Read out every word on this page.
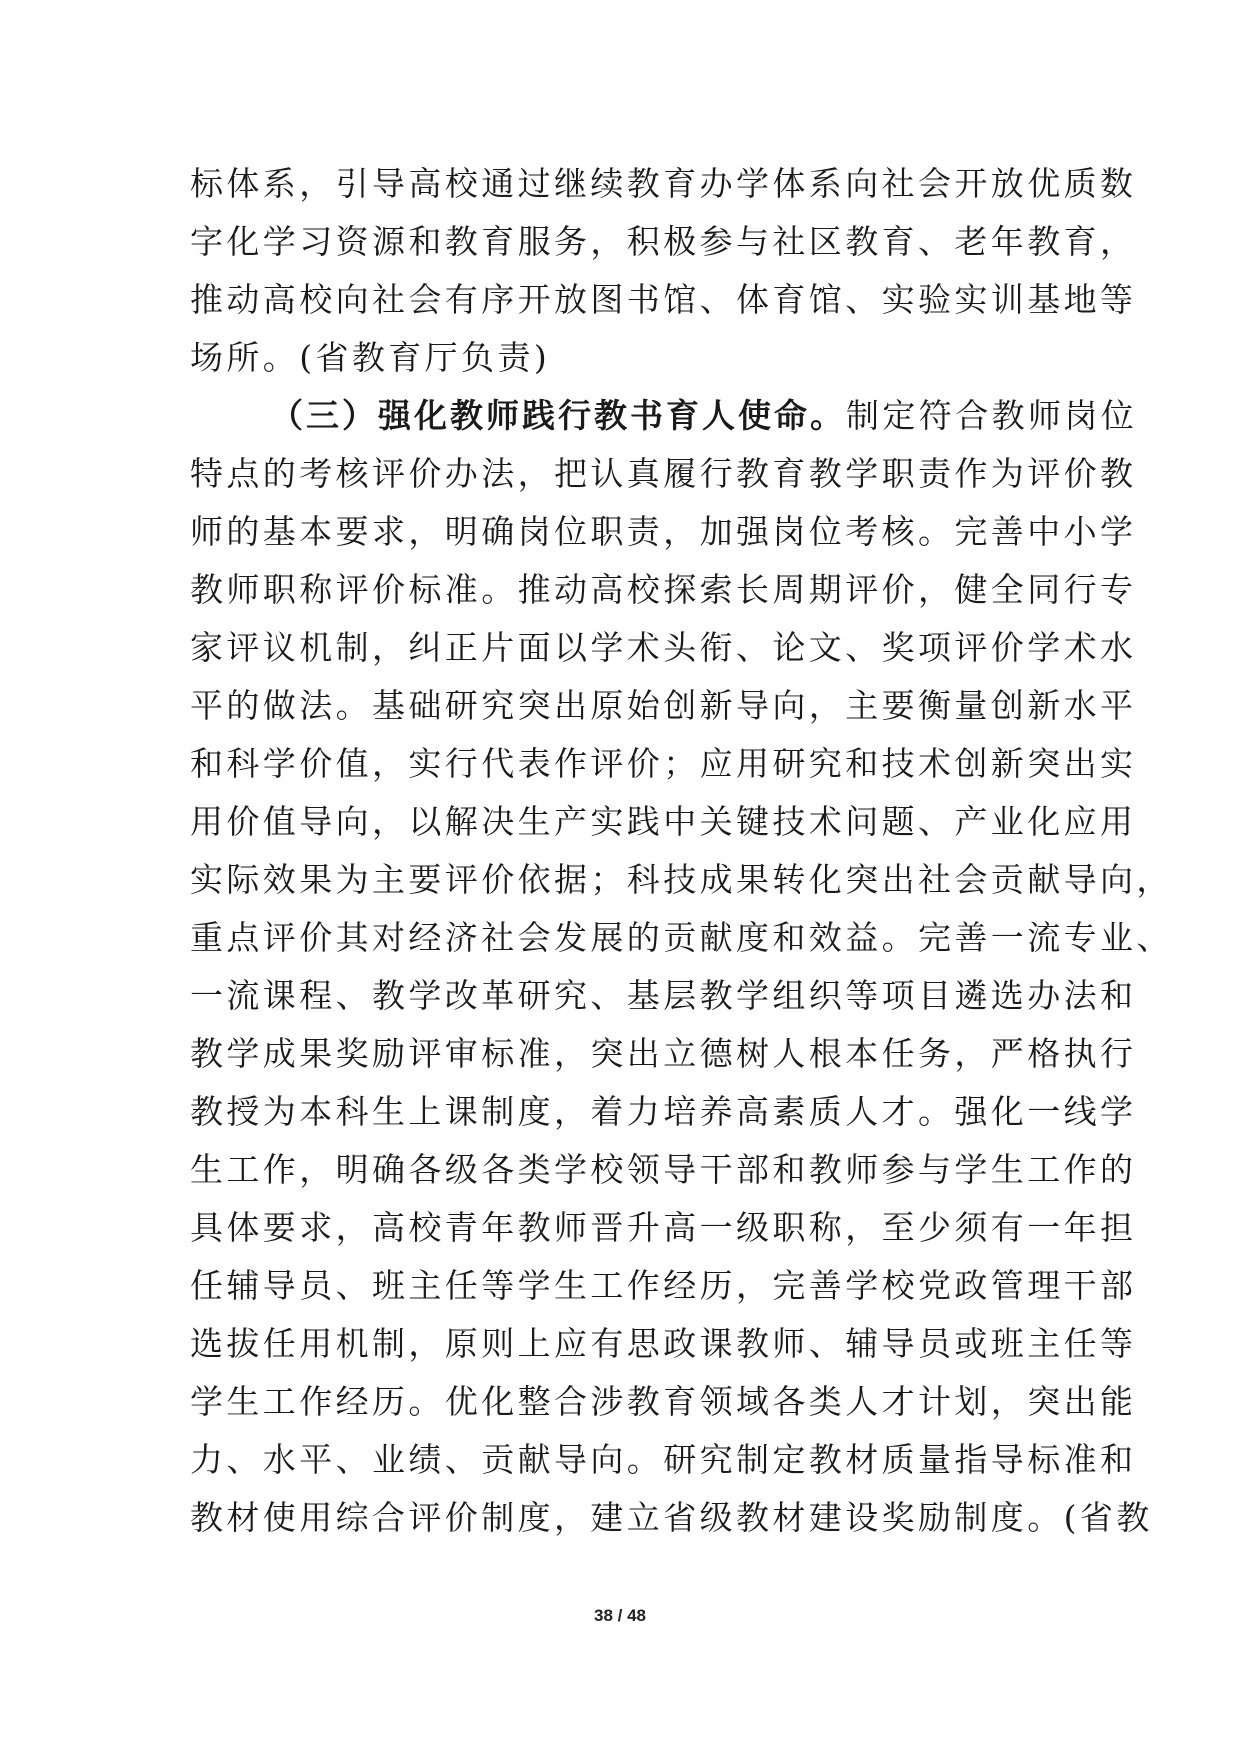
标体系，引导高校通过继续教育办学体系向社会开放优质数
字化学习资源和教育服务，积极参与社区教育、老年教育，
推动高校向社会有序开放图书馆、体育馆、实验实训基地等
场所。(省教育厅负责)
（三）强化教师践行教书育人使命。制定符合教师岗位
特点的考核评价办法，把认真履行教育教学职责作为评价教
师的基本要求，明确岗位职责，加强岗位考核。完善中小学
教师职称评价标准。推动高校探索长周期评价，健全同行专
家评议机制，纠正片面以学术头衔、论文、奖项评价学术水
平的做法。基础研究突出原始创新导向，主要衡量创新水平
和科学价值，实行代表作评价；应用研究和技术创新突出实
用价值导向，以解决生产实践中关键技术问题、产业化应用
实际效果为主要评价依据；科技成果转化突出社会贡献导向，
重点评价其对经济社会发展的贡献度和效益。完善一流专业、
一流课程、教学改革研究、基层教学组织等项目遴选办法和
教学成果奖励评审标准，突出立德树人根本任务，严格执行
教授为本科生上课制度，着力培养高素质人才。强化一线学
生工作，明确各级各类学校领导干部和教师参与学生工作的
具体要求，高校青年教师晋升高一级职称，至少须有一年担
任辅导员、班主任等学生工作经历，完善学校党政管理干部
选拔任用机制，原则上应有思政课教师、辅导员或班主任等
学生工作经历。优化整合涉教育领域各类人才计划，突出能
力、水平、业绩、贡献导向。研究制定教材质量指导标准和
教材使用综合评价制度，建立省级教材建设奖励制度。(省教
38 / 48
